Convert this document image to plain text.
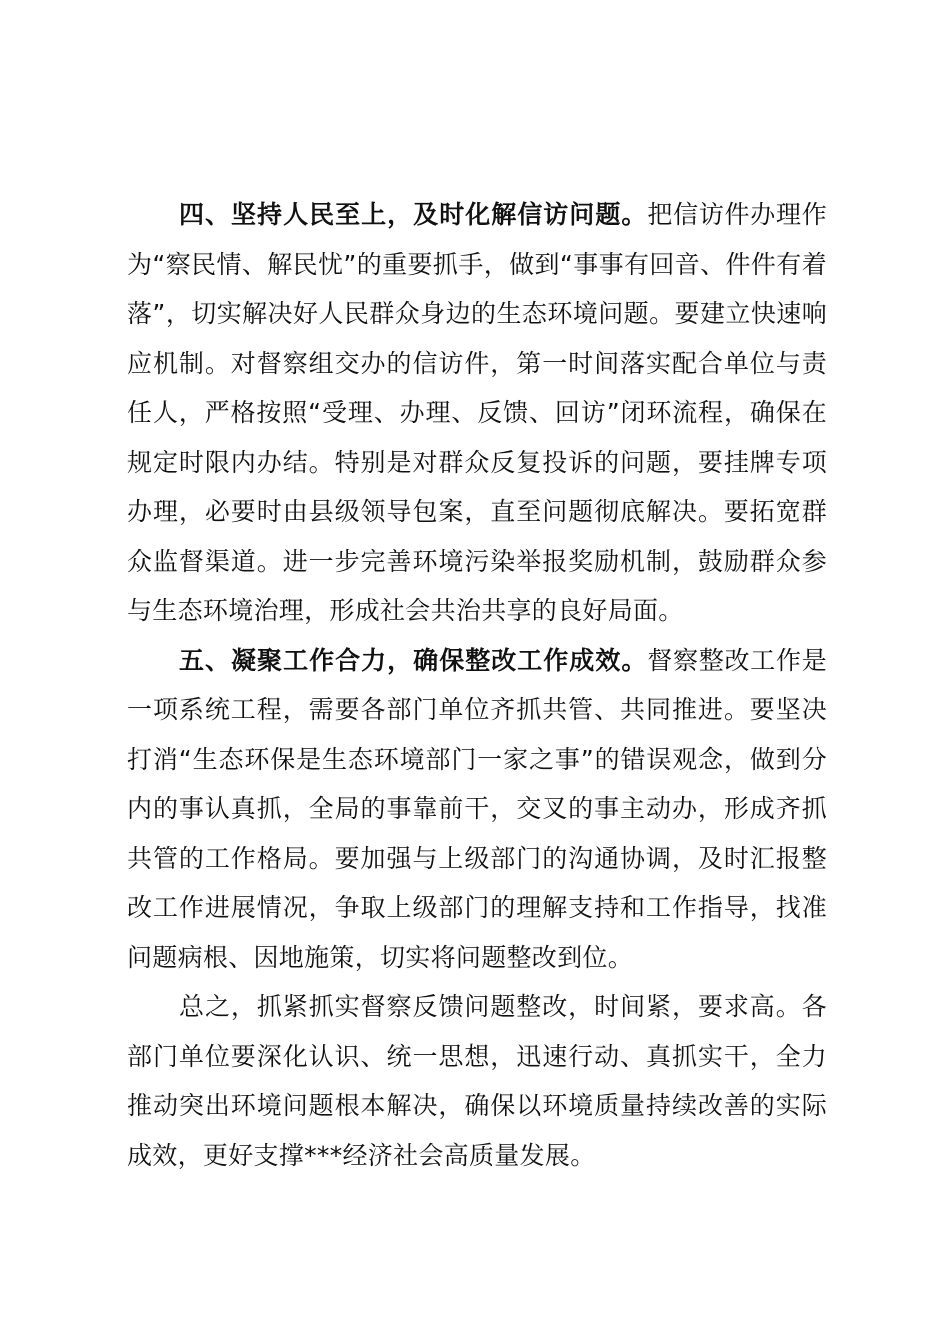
四、坚持人民至上，及时化解信访问题。把信访件办理作为“察民情、解民忧”的重要抓手，做到“事事有回音、件件有着落”，切实解决好人民群众身边的生态环境问题。要建立快速响应机制。对督察组交办的信访件，第一时间落实配合单位与责任人，严格按照“受理、办理、反馈、回访”闭环流程，确保在规定时限内办结。特别是对群众反复投诉的问题，要挂牌专项办理，必要时由县级领导包案，直至问题彻底解决。要拓宽群众监督渠道。进一步完善环境污染举报奖励机制，鼓励群众参与生态环境治理，形成社会共治共享的良好局面。

五、凝聚工作合力，确保整改工作成效。督察整改工作是一项系统工程，需要各部门单位齐抓共管、共同推进。要坚决打消“生态环保是生态环境部门一家之事”的错误观念，做到分内的事认真抓，全局的事靠前干，交叉的事主动办，形成齐抓共管的工作格局。要加强与上级部门的沟通协调，及时汇报整改工作进展情况，争取上级部门的理解支持和工作指导，找准问题病根、因地施策，切实将问题整改到位。

总之，抓紧抓实督察反馈问题整改，时间紧，要求高。各部门单位要深化认识、统一思想，迅速行动、真抓实干，全力推动突出环境问题根本解决，确保以环境质量持续改善的实际成效，更好支撑***经济社会高质量发展。
